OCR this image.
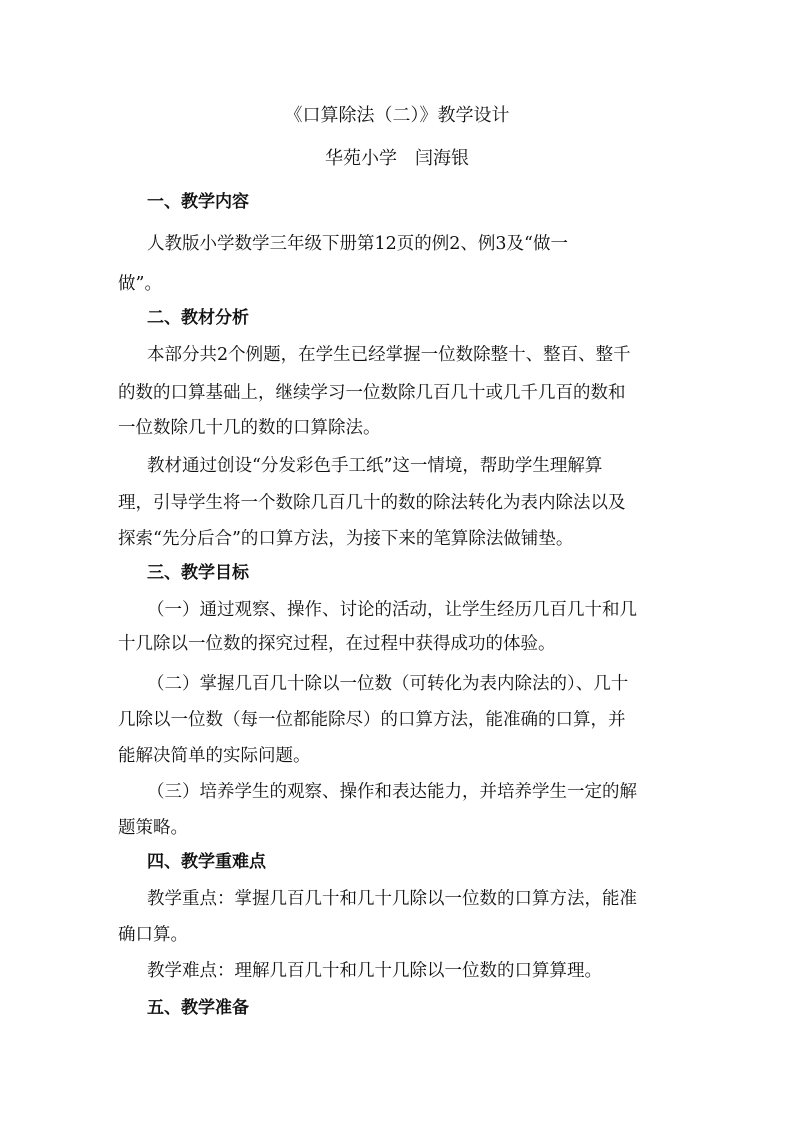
《口算除法（二）》教学设计
华苑小学　闫海银
一、教学内容
人教版小学数学三年级下册第12页的例2、例3及“做一
做”。
二、教材分析
本部分共2个例题，在学生已经掌握一位数除整十、整百、整千
的数的口算基础上，继续学习一位数除几百几十或几千几百的数和
一位数除几十几的数的口算除法。
教材通过创设“分发彩色手工纸”这一情境，帮助学生理解算
理，引导学生将一个数除几百几十的数的除法转化为表内除法以及
探索“先分后合”的口算方法，为接下来的笔算除法做铺垫。
三、教学目标
（一）通过观察、操作、讨论的活动，让学生经历几百几十和几
十几除以一位数的探究过程，在过程中获得成功的体验。
（二）掌握几百几十除以一位数（可转化为表内除法的）、几十
几除以一位数（每一位都能除尽）的口算方法，能准确的口算，并
能解决简单的实际问题。
（三）培养学生的观察、操作和表达能力，并培养学生一定的解
题策略。
四、教学重难点
教学重点：掌握几百几十和几十几除以一位数的口算方法，能准
确口算。
教学难点：理解几百几十和几十几除以一位数的口算算理。
五、教学准备
